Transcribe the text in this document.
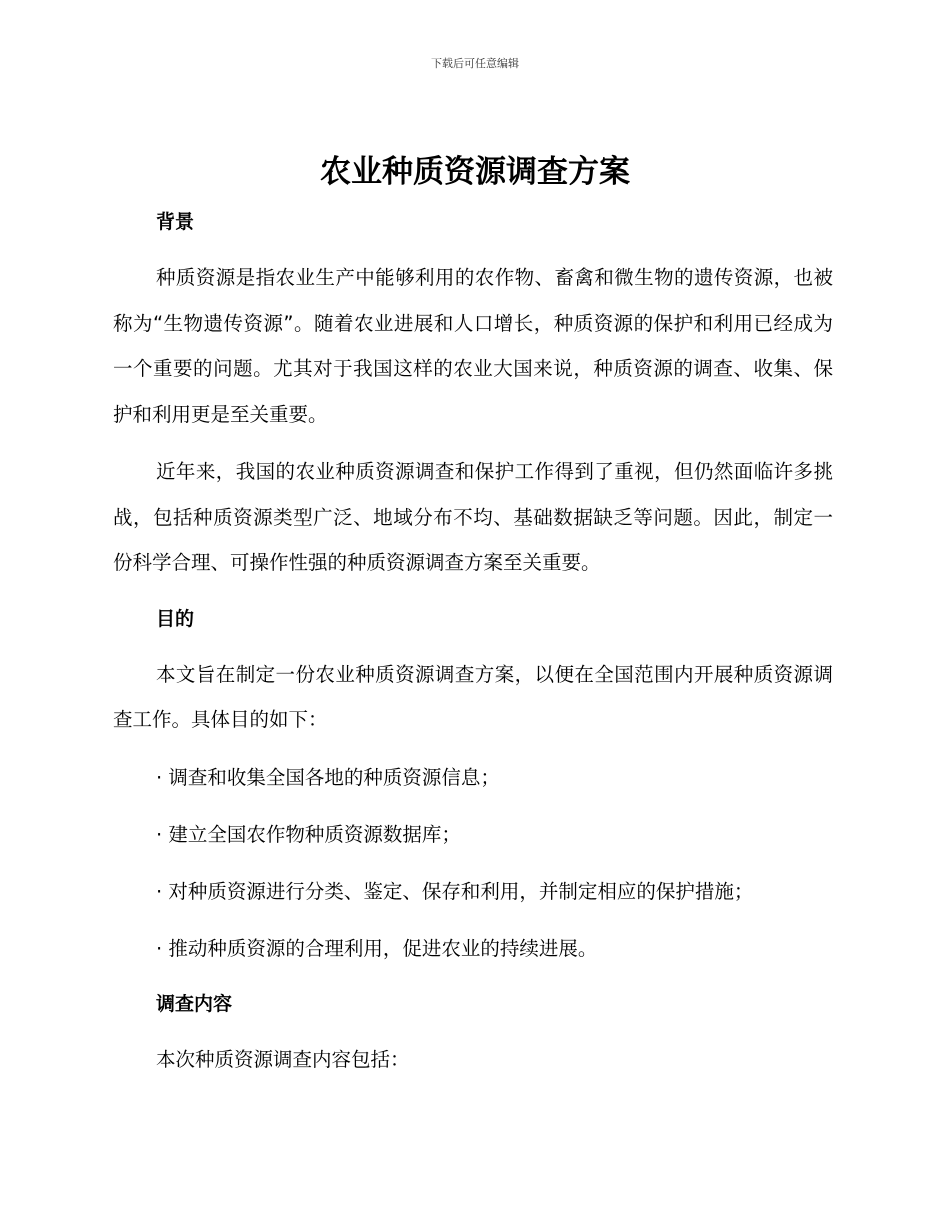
下载后可任意编辑
农业种质资源调查方案
背景

种质资源是指农业生产中能够利用的农作物、畜禽和微生物的遗传资源，也被称为“生物遗传资源”。随着农业进展和人口增长，种质资源的保护和利用已经成为一个重要的问题。尤其对于我国这样的农业大国来说，种质资源的调查、收集、保护和利用更是至关重要。

近年来，我国的农业种质资源调查和保护工作得到了重视，但仍然面临许多挑战，包括种质资源类型广泛、地域分布不均、基础数据缺乏等问题。因此，制定一份科学合理、可操作性强的种质资源调查方案至关重要。

目的

本文旨在制定一份农业种质资源调查方案，以便在全国范围内开展种质资源调查工作。具体目的如下：

· 调查和收集全国各地的种质资源信息；
· 建立全国农作物种质资源数据库；
· 对种质资源进行分类、鉴定、保存和利用，并制定相应的保护措施；
· 推动种质资源的合理利用，促进农业的持续进展。
调查内容

本次种质资源调查内容包括：
